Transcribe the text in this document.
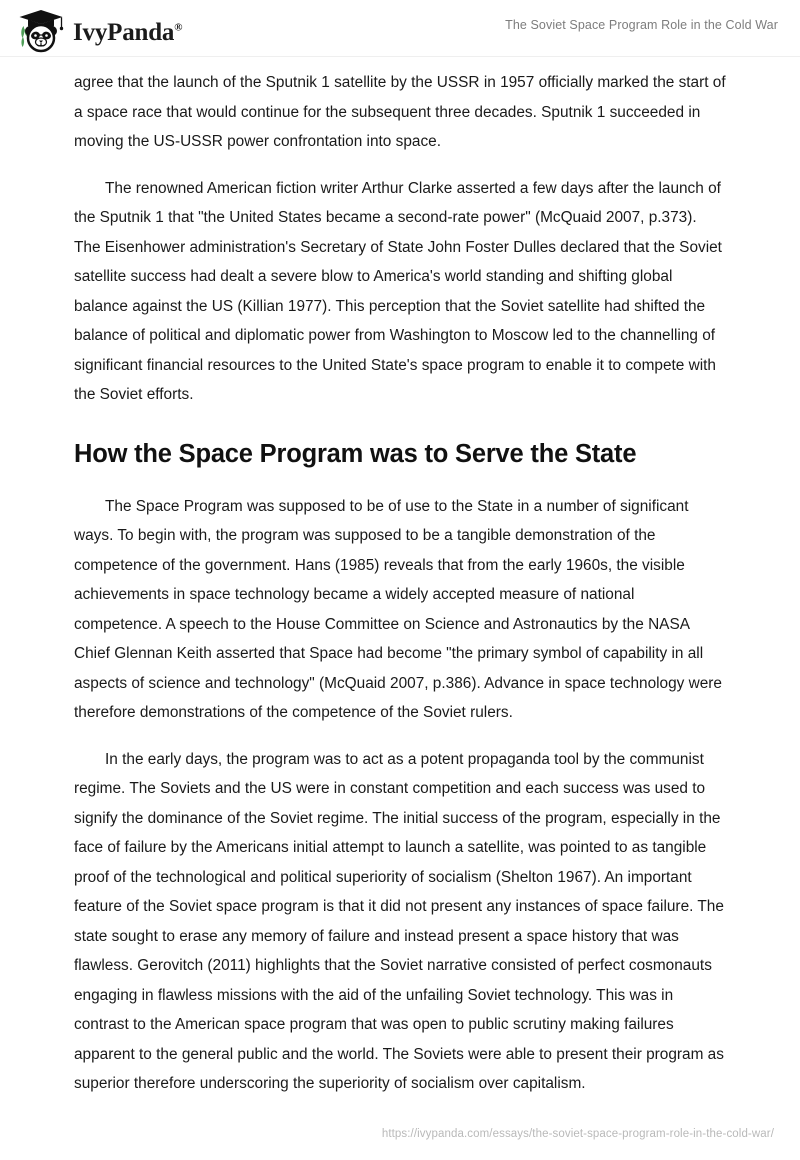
IvyPanda®	The Soviet Space Program Role in the Cold War

agree that the launch of the Sputnik 1 satellite by the USSR in 1957 officially marked the start of a space race that would continue for the subsequent three decades. Sputnik 1 succeeded in moving the US-USSR power confrontation into space.

The renowned American fiction writer Arthur Clarke asserted a few days after the launch of the Sputnik 1 that "the United States became a second-rate power" (McQuaid 2007, p.373). The Eisenhower administration's Secretary of State John Foster Dulles declared that the Soviet satellite success had dealt a severe blow to America's world standing and shifting global balance against the US (Killian 1977). This perception that the Soviet satellite had shifted the balance of political and diplomatic power from Washington to Moscow led to the channelling of significant financial resources to the United State's space program to enable it to compete with the Soviet efforts.

How the Space Program was to Serve the State

The Space Program was supposed to be of use to the State in a number of significant ways. To begin with, the program was supposed to be a tangible demonstration of the competence of the government. Hans (1985) reveals that from the early 1960s, the visible achievements in space technology became a widely accepted measure of national competence. A speech to the House Committee on Science and Astronautics by the NASA Chief Glennan Keith asserted that Space had become "the primary symbol of capability in all aspects of science and technology" (McQuaid 2007, p.386). Advance in space technology were therefore demonstrations of the competence of the Soviet rulers.

In the early days, the program was to act as a potent propaganda tool by the communist regime. The Soviets and the US were in constant competition and each success was used to signify the dominance of the Soviet regime. The initial success of the program, especially in the face of failure by the Americans initial attempt to launch a satellite, was pointed to as tangible proof of the technological and political superiority of socialism (Shelton 1967). An important feature of the Soviet space program is that it did not present any instances of space failure. The state sought to erase any memory of failure and instead present a space history that was flawless. Gerovitch (2011) highlights that the Soviet narrative consisted of perfect cosmonauts engaging in flawless missions with the aid of the unfailing Soviet technology. This was in contrast to the American space program that was open to public scrutiny making failures apparent to the general public and the world. The Soviets were able to present their program as superior therefore underscoring the superiority of socialism over capitalism.

https://ivypanda.com/essays/the-soviet-space-program-role-in-the-cold-war/
